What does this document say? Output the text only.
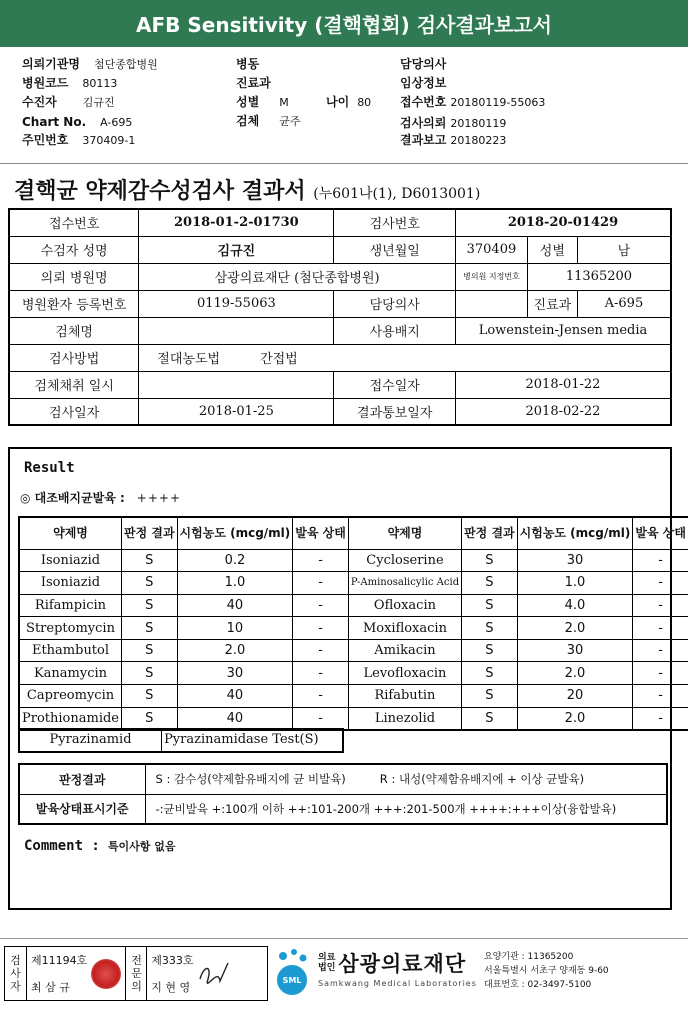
AFB Sensitivity (결핵협회) 검사결과보고서
의뢰기관명 첨단종합병원
병원코드 80113
수진자 김규진
Chart No. A-695
주민번호 370409-1
병동
진료과
성별 M	나이 80
검체 균주
담당의사
임상정보
접수번호 20180119-55063
검사의뢰 20180119
결과보고 20180223
결핵균 약제감수성검사 결과서 (누601나(1), D6013001)
접수번호	2018-01-2-01730	검사번호	2018-20-01429		
수검자 성명	김규진	생년월일	370409	성별	남
의뢰 병원명	삼광의료재단 (첨단종합병원)		병의원 지정번호	11365200	
병원환자 등록번호	0119-55063	담당의사		진료과	A-695
검체명		사용배지	Lowenstein-Jensen media		
검사방법	절대농도법 간접법				
검체채취 일시		접수일자	2018-01-22		
검사일자	2018-01-25	결과통보일자	2018-02-22		
Result
◎ 대조배지균발육 : ++++
약제명	판정 결과	시험농도 (mcg/ml)	발육 상태	약제명	판정 결과	시험농도 (mcg/ml)	발육 상태
Isoniazid	S	0.2	-	Cycloserine	S	30	-
Isoniazid	S	1.0	-	P-Aminosalicylic Acid	S	1.0	-
Rifampicin	S	40	-	Ofloxacin	S	4.0	-
Streptomycin	S	10	-	Moxifloxacin	S	2.0	-
Ethambutol	S	2.0	-	Amikacin	S	30	-
Kanamycin	S	30	-	Levofloxacin	S	2.0	-
Capreomycin	S	40	-	Rifabutin	S	20	-
Prothionamide	S	40	-	Linezolid	S	2.0	-
Pyrazinamid	Pyrazinamidase Test(S)
판정결과	S : 감수성(약제함유배지에 균 비발육) R : 내성(약제함유배지에 + 이상 균발육)
발육상태표시기준	-:균비발육 +:100개 이하 ++:101-200개 +++:201-500개 ++++:+++이상(융합발육)
Comment : 특이사항 없음
검사자
제11194호
최 삼 규
전문의
제333호
지 현 영
SML
의료
법인 삼광의료재단
Samkwang Medical Laboratories
요양기관 : 11365200
서울특별시 서초구 양재동 9-60
대표번호 : 02-3497-5100
